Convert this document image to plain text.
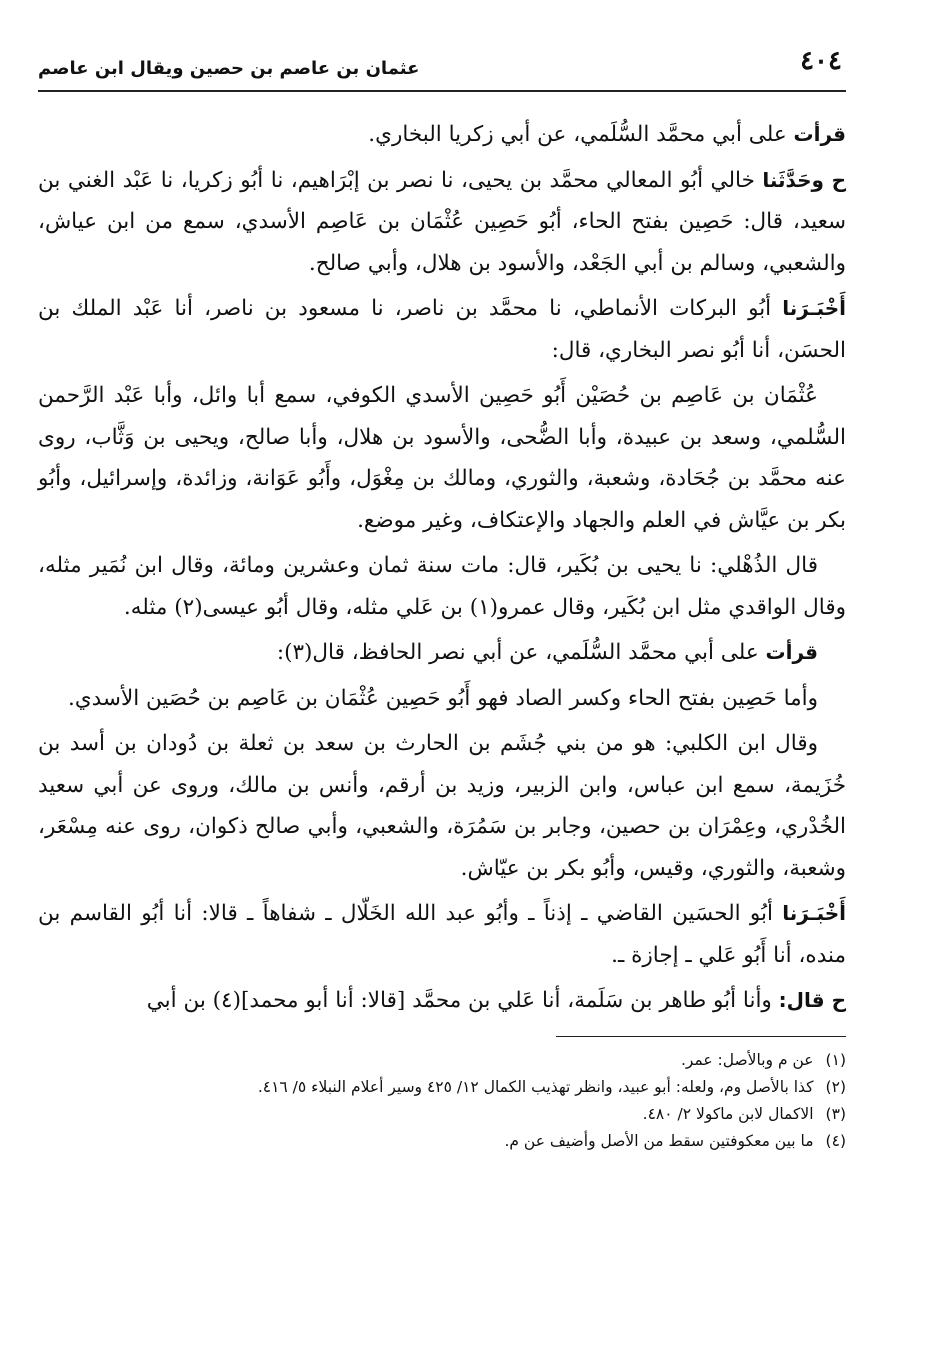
٤٠٤
عثمان بن عاصم بن حصين ويقال ابن عاصم

قرأت على أبي محمَّد السُّلَمي، عن أبي زكريا البخاري.

ح وحَدَّثَنا خالي أبُو المعالي محمَّد بن يحيى، نا نصر بن إبْرَاهيم، نا أبُو زكريا، نا عَبْد الغني بن سعيد، قال: حَصِين بفتح الحاء، أبُو حَصِين عُثْمَان بن عَاصِم الأسدي، سمع من ابن عياش، والشعبي، وسالم بن أبي الجَعْد، والأسود بن هلال، وأبي صالح.

أَخْبَـرَنا أبُو البركات الأنماطي، نا محمَّد بن ناصر، نا مسعود بن ناصر، أنا عَبْد الملك بن الحسَن، أنا أبُو نصر البخاري، قال:

عُثْمَان بن عَاصِم بن حُصَيْن أَبُو حَصِين الأسدي الكوفي، سمع أبا وائل، وأبا عَبْد الرَّحمن السُّلمي، وسعد بن عبيدة، وأبا الضُّحى، والأسود بن هلال، وأبا صالح، ويحيى بن وَثَّاب، روى عنه محمَّد بن جُحَادة، وشعبة، والثوري، ومالك بن مِغْوَل، وأَبُو عَوَانة، وزائدة، وإسرائيل، وأبُو بكر بن عيَّاش في العلم والجهاد والإعتكاف، وغير موضع.

قال الذُهْلي: نا يحيى بن بُكَير، قال: مات سنة ثمان وعشرين ومائة، وقال ابن نُمَير مثله، وقال الواقدي مثل ابن بُكَير، وقال عمرو(١) بن عَلي مثله، وقال أبُو عيسى(٢) مثله.

قرأت على أبي محمَّد السُّلَمي، عن أبي نصر الحافظ، قال(٣):

وأما حَصِين بفتح الحاء وكسر الصاد فهو أَبُو حَصِين عُثْمَان بن عَاصِم بن حُصَين الأسدي.

وقال ابن الكلبي: هو من بني جُشَم بن الحارث بن سعد بن ثعلة بن دُودان بن أسد بن خُزَيمة، سمع ابن عباس، وابن الزبير، وزيد بن أرقم، وأنس بن مالك، وروى عن أبي سعيد الخُدْري، وعِمْرَان بن حصين، وجابر بن سَمُرَة، والشعبي، وأبي صالح ذكوان، روى عنه مِسْعَر، وشعبة، والثوري، وقيس، وأبُو بكر بن عيّاش.

أَخْبَـرَنا أبُو الحسَين القاضي ـ إذناً ـ وأبُو عبد الله الخَلّال ـ شفاهاً ـ قالا: أنا أبُو القاسم بن منده، أنا أَبُو عَلي ـ إجازة ـ.

ح قال: وأنا أبُو طاهر بن سَلَمة، أنا عَلي بن محمَّد [قالا: أنا أبو محمد](٤) بن أبي

(١)
عن م وبالأصل: عمر.
(٢)
كذا بالأصل وم، ولعله: أبو عبيد، وانظر تهذيب الكمال ١٢/ ٤٢٥ وسير أعلام النبلاء ٥/ ٤١٦.
(٣)
الاكمال لابن ماكولا ٢/ ٤٨٠.
(٤)
ما بين معكوفتين سقط من الأصل وأضيف عن م.
